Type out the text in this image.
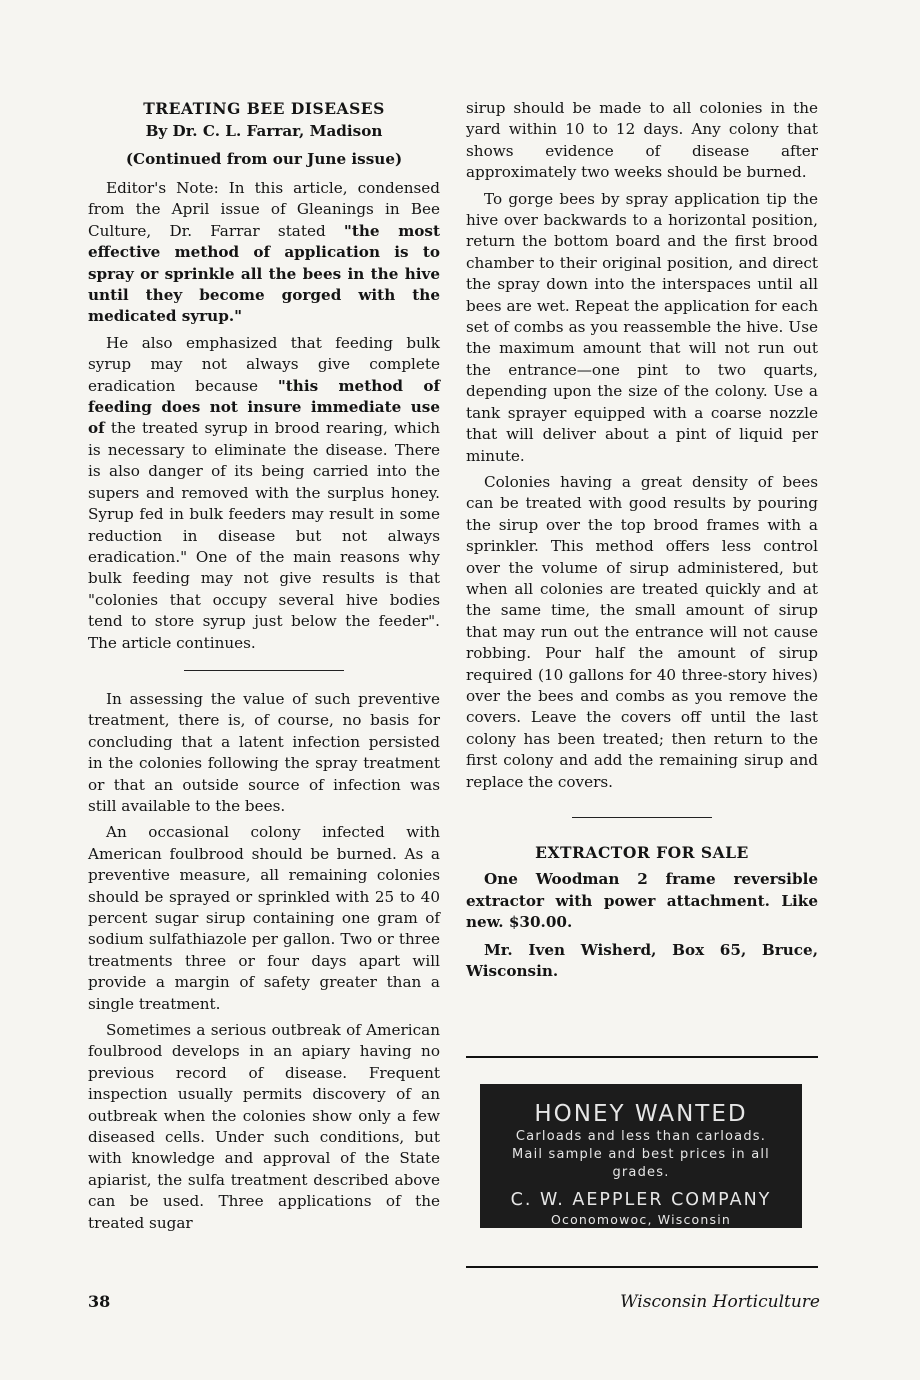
TREATING BEE DISEASES
By Dr. C. L. Farrar, Madison
(Continued from our June issue)

Editor's Note: In this article, condensed from the April issue of Gleanings in Bee Culture, Dr. Farrar stated "the most effective method of application is to spray or sprinkle all the bees in the hive until they become gorged with the medicated syrup."

He also emphasized that feeding bulk syrup may not always give complete eradication because "this method of feeding does not insure immediate use of the treated syrup in brood rearing, which is necessary to eliminate the disease. There is also danger of its being carried into the supers and removed with the surplus honey. Syrup fed in bulk feeders may result in some reduction in disease but not always eradication." One of the main reasons why bulk feeding may not give results is that "colonies that occupy several hive bodies tend to store syrup just below the feeder". The article continues.

In assessing the value of such preventive treatment, there is, of course, no basis for concluding that a latent infection persisted in the colonies following the spray treatment or that an outside source of infection was still available to the bees.

An occasional colony infected with American foulbrood should be burned. As a preventive measure, all remaining colonies should be sprayed or sprinkled with 25 to 40 percent sugar sirup containing one gram of sodium sulfathiazole per gallon. Two or three treatments three or four days apart will provide a margin of safety greater than a single treatment.

Sometimes a serious outbreak of American foulbrood develops in an apiary having no previous record of disease. Frequent inspection usually permits discovery of an outbreak when the colonies show only a few diseased cells. Under such conditions, but with knowledge and approval of the State apiarist, the sulfa treatment described above can be used. Three applications of the treated sugar

sirup should be made to all colonies in the yard within 10 to 12 days. Any colony that shows evidence of disease after approximately two weeks should be burned.

To gorge bees by spray application tip the hive over backwards to a horizontal position, return the bottom board and the first brood chamber to their original position, and direct the spray down into the interspaces until all bees are wet. Repeat the application for each set of combs as you reassemble the hive. Use the maximum amount that will not run out the entrance—one pint to two quarts, depending upon the size of the colony. Use a tank sprayer equipped with a coarse nozzle that will deliver about a pint of liquid per minute.

Colonies having a great density of bees can be treated with good results by pouring the sirup over the top brood frames with a sprinkler. This method offers less control over the volume of sirup administered, but when all colonies are treated quickly and at the same time, the small amount of sirup that may run out the entrance will not cause robbing. Pour half the amount of sirup required (10 gallons for 40 three-story hives) over the bees and combs as you remove the covers. Leave the covers off until the last colony has been treated; then return to the first colony and add the remaining sirup and replace the covers.

EXTRACTOR FOR SALE

One Woodman 2 frame reversible extractor with power attachment. Like new. $30.00.

Mr. Iven Wisherd, Box 65, Bruce, Wisconsin.

HONEY WANTED
Carloads and less than carloads.
Mail sample and best prices in all
grades.
C. W. AEPPLER COMPANY
Oconomowoc, Wisconsin
38	Wisconsin Horticulture
